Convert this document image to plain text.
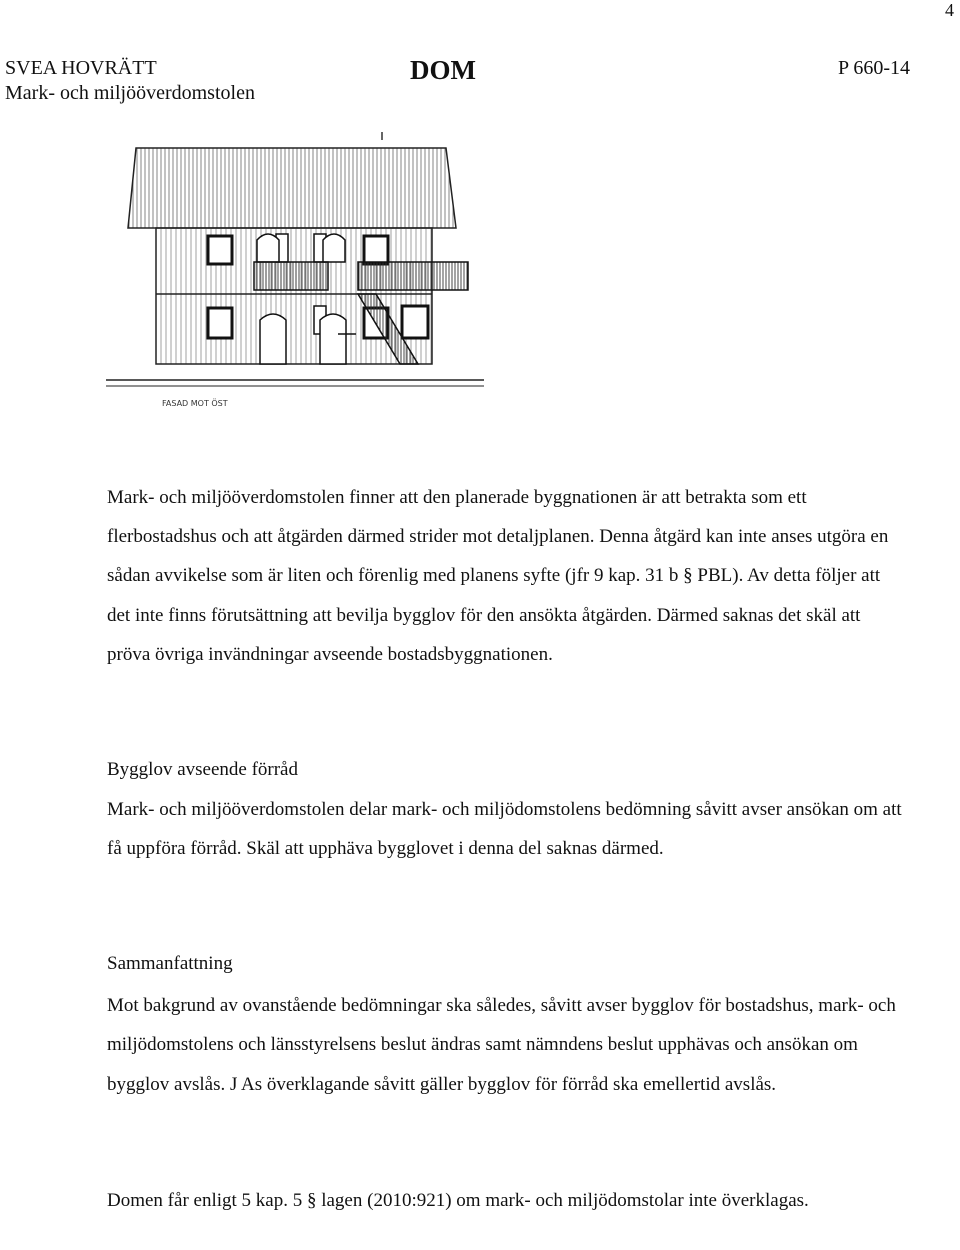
4
SVEA HOVRÄTT
Mark- och miljööverdomstolen
DOM	P 660-14
FASAD MOT ÖST

Mark- och miljööverdomstolen finner att den planerade byggnationen är att betrakta som ett flerbostadshus och att åtgärden därmed strider mot detaljplanen. Denna åtgärd kan inte anses utgöra en sådan avvikelse som är liten och förenlig med planens syfte (jfr 9 kap. 31 b § PBL). Av detta följer att det inte finns förutsättning att bevilja bygglov för den ansökta åtgärden. Därmed saknas det skäl att pröva övriga invändningar avseende bostadsbyggnationen.

Bygglov avseende förråd

Mark- och miljööverdomstolen delar mark- och miljödomstolens bedömning såvitt avser ansökan om att få uppföra förråd. Skäl att upphäva bygglovet i denna del saknas därmed.

Sammanfattning

Mot bakgrund av ovanstående bedömningar ska således, såvitt avser bygglov för bostadshus, mark- och miljödomstolens och länsstyrelsens beslut ändras samt nämndens beslut upphävas och ansökan om bygglov avslås. J As överklagande såvitt gäller bygglov för förråd ska emellertid avslås.

Domen får enligt 5 kap. 5 § lagen (2010:921) om mark- och miljödomstolar inte överklagas.
